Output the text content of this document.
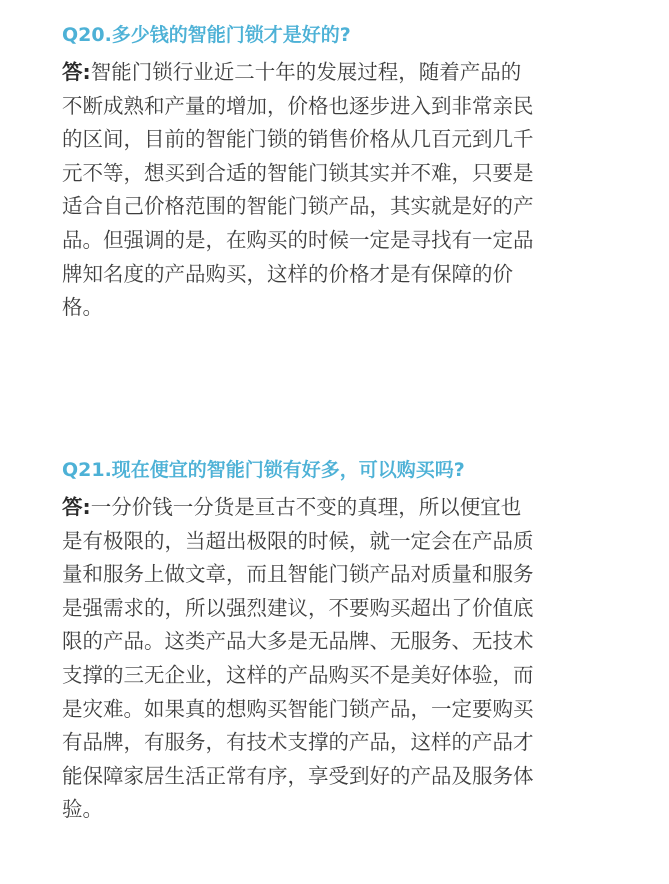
Q20.多少钱的智能门锁才是好的?
答:智能门锁行业近二十年的发展过程，随着产品的
不断成熟和产量的增加，价格也逐步进入到非常亲民
的区间，目前的智能门锁的销售价格从几百元到几千
元不等，想买到合适的智能门锁其实并不难，只要是
适合自己价格范围的智能门锁产品，其实就是好的产
品。但强调的是，在购买的时候一定是寻找有一定品
牌知名度的产品购买，这样的价格才是有保障的价
格。
Q21.现在便宜的智能门锁有好多，可以购买吗?
答:一分价钱一分货是亘古不变的真理，所以便宜也
是有极限的，当超出极限的时候，就一定会在产品质
量和服务上做文章，而且智能门锁产品对质量和服务
是强需求的，所以强烈建议，不要购买超出了价值底
限的产品。这类产品大多是无品牌、无服务、无技术
支撑的三无企业，这样的产品购买不是美好体验，而
是灾难。如果真的想购买智能门锁产品，一定要购买
有品牌，有服务，有技术支撑的产品，这样的产品才
能保障家居生活正常有序，享受到好的产品及服务体
验。
